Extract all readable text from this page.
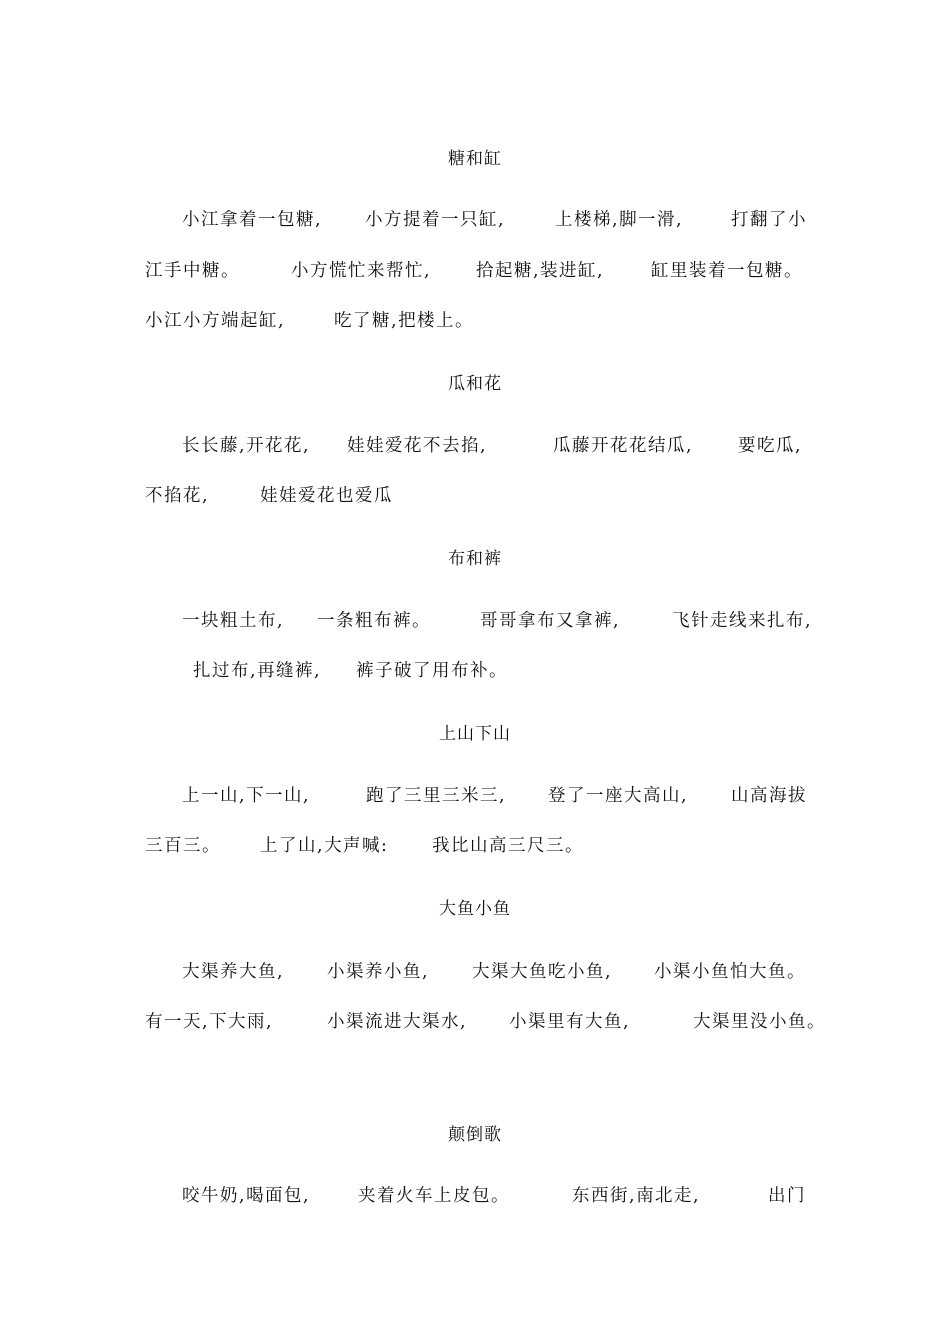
糖和缸
小江拿着一包糖, 小方提着一只缸,	上楼梯,脚一滑,	打翻了小
江手中糖。	小方慌忙来帮忙,	拾起糖,装进缸,	缸里装着一包糖。
小江小方端起缸,	吃了糖,把楼上。
瓜和花
长长藤,开花花, 娃娃爱花不去掐,	瓜藤开花花结瓜,	要吃瓜,
不掐花,	娃娃爱花也爱瓜
布和裤
一块粗土布, 一条粗布裤。	哥哥拿布又拿裤,	飞针走线来扎布,
扎过布,再缝裤, 裤子破了用布补。
上山下山
上一山,下一山,	跑了三里三米三, 登了一座大高山, 山高海拔
三百三。 上了山,大声喊: 我比山高三尺三。
大鱼小鱼
大渠养大鱼, 小渠养小鱼, 大渠大鱼吃小鱼, 小渠小鱼怕大鱼。
有一天,下大雨,	小渠流进大渠水, 小渠里有大鱼,	大渠里没小鱼。
颠倒歌
咬牛奶,喝面包,	夹着火车上皮包。	东西街,南北走,	出门
